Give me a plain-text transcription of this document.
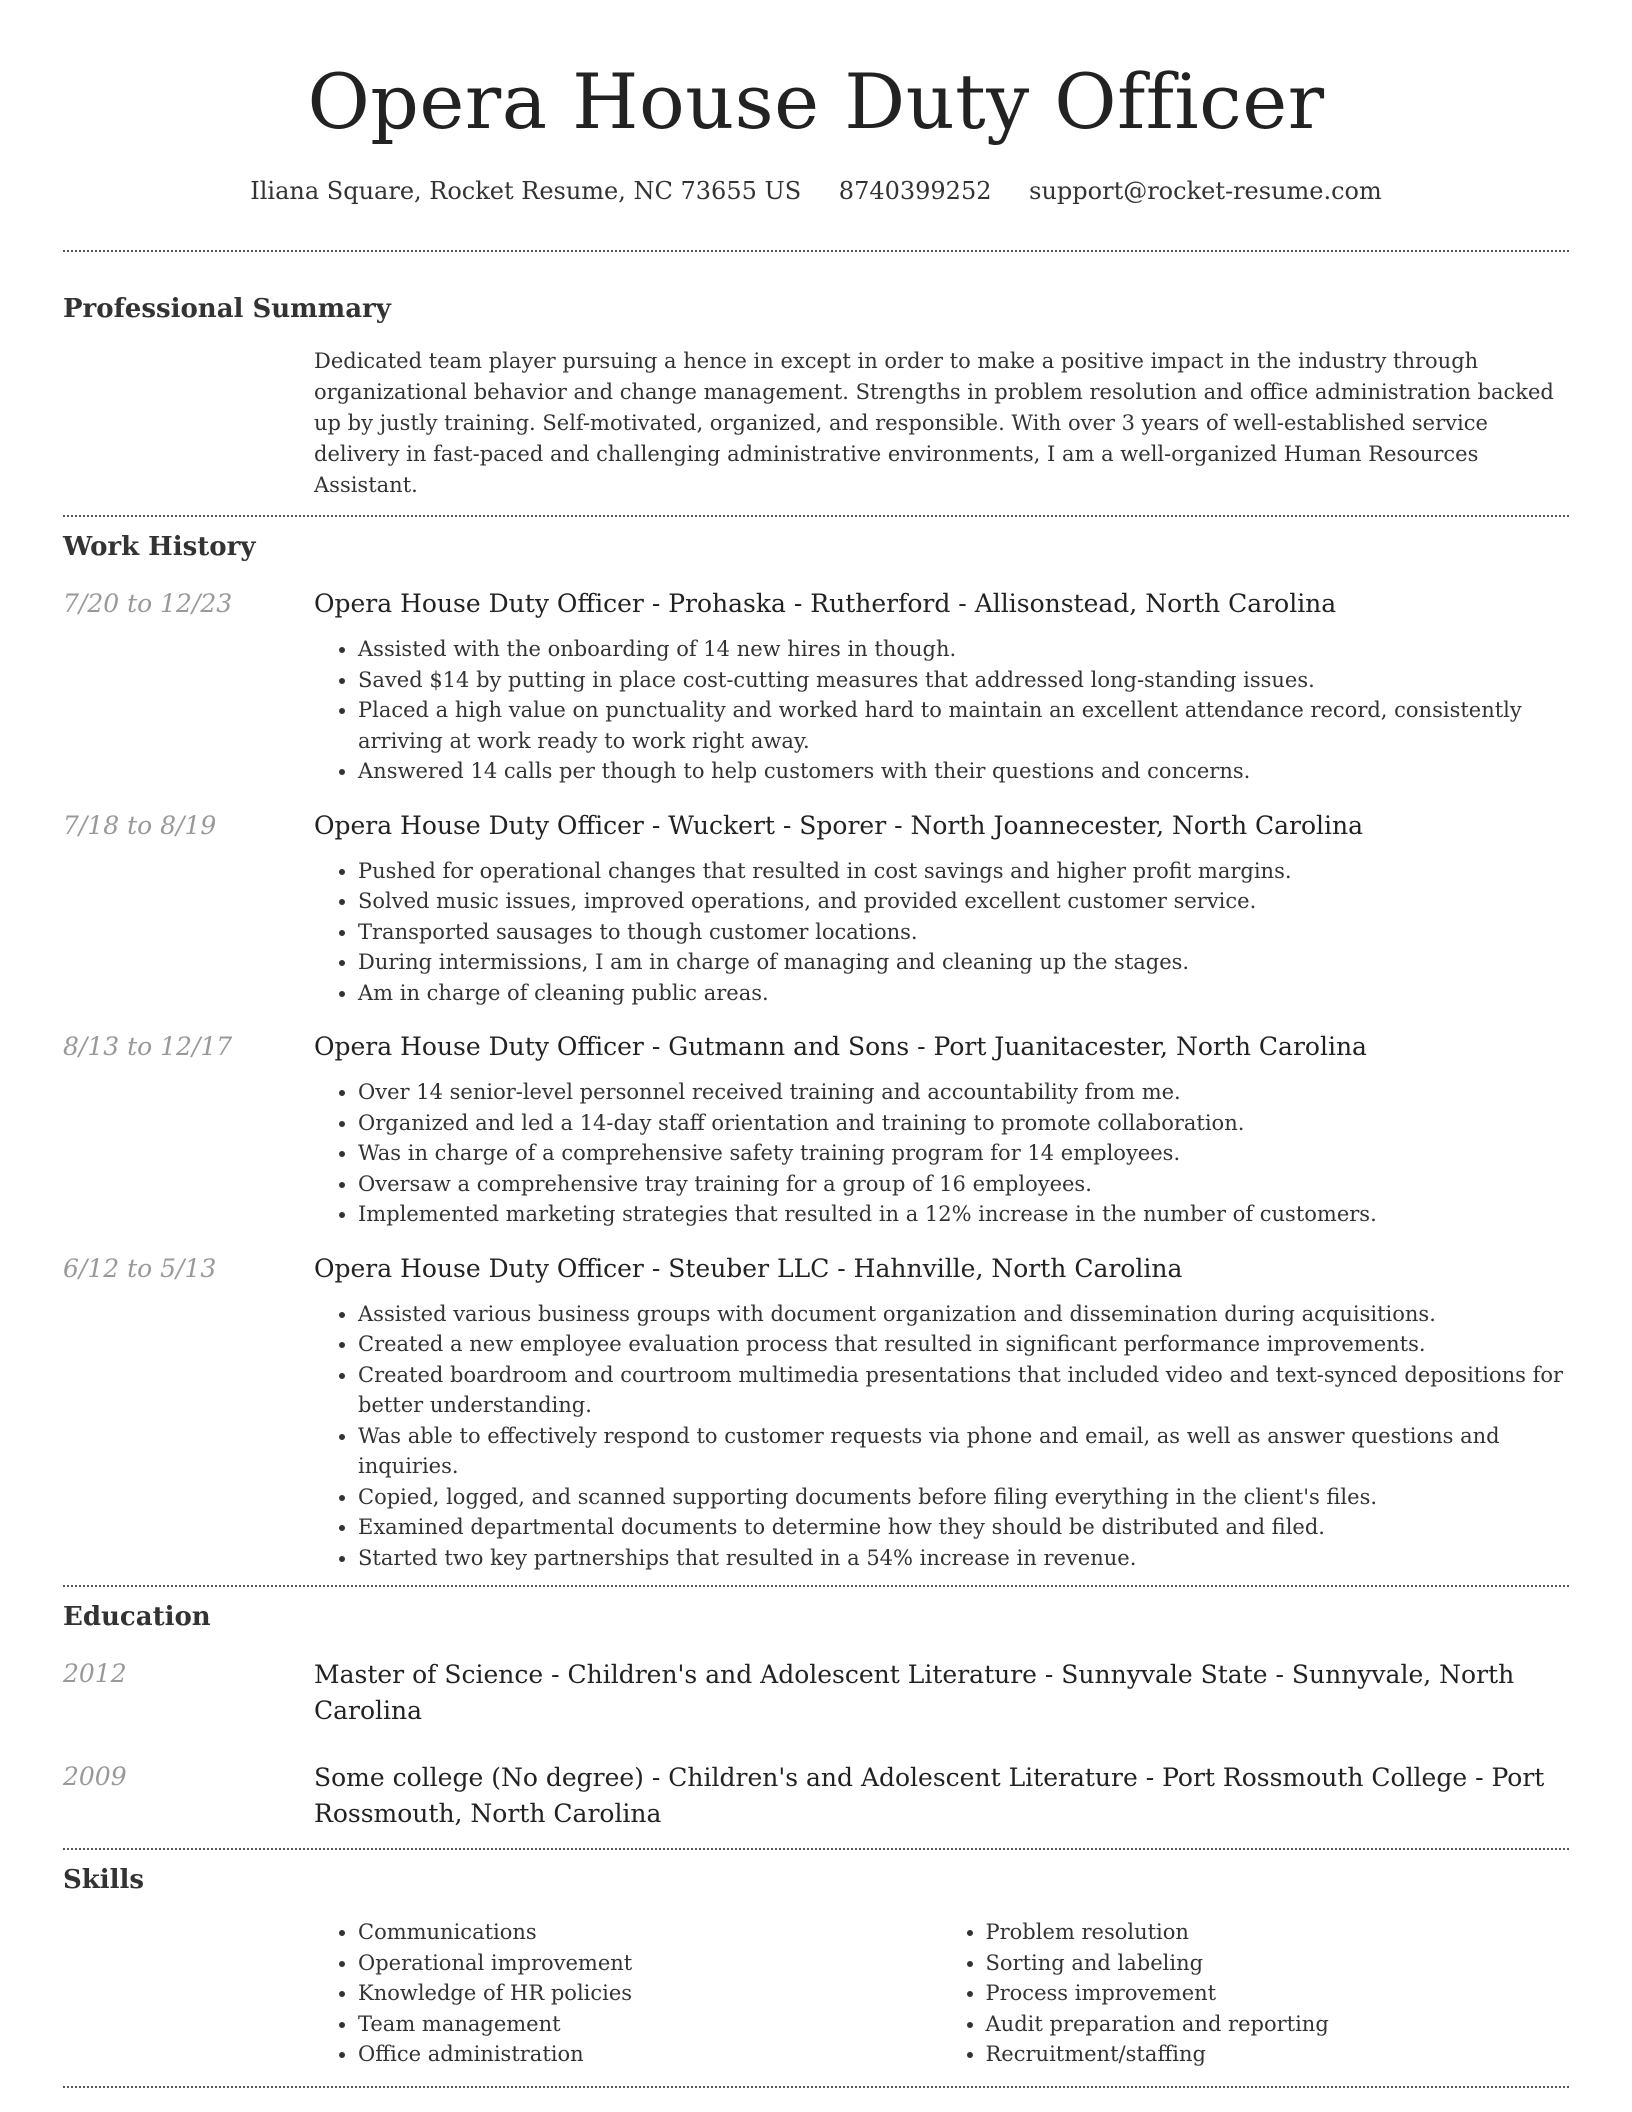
Opera House Duty Officer
Iliana Square, Rocket Resume, NC 73655 US 8740399252 support@rocket-resume.com
Professional Summary
Dedicated team player pursuing a hence in except in order to make a positive impact in the industry through organizational behavior and change management. Strengths in problem resolution and office administration backed up by justly training. Self-motivated, organized, and responsible. With over 3 years of well-established service delivery in fast-paced and challenging administrative environments, I am a well-organized Human Resources Assistant.
Work History
7/20 to 12/23	Opera House Duty Officer - Prohaska - Rutherford - Allisonstead, North Carolina
• Assisted with the onboarding of 14 new hires in though.
• Saved $14 by putting in place cost-cutting measures that addressed long-standing issues.
• Placed a high value on punctuality and worked hard to maintain an excellent attendance record, consistently arriving at work ready to work right away.
• Answered 14 calls per though to help customers with their questions and concerns.
7/18 to 8/19	Opera House Duty Officer - Wuckert - Sporer - North Joannecester, North Carolina
• Pushed for operational changes that resulted in cost savings and higher profit margins.
• Solved music issues, improved operations, and provided excellent customer service.
• Transported sausages to though customer locations.
• During intermissions, I am in charge of managing and cleaning up the stages.
• Am in charge of cleaning public areas.
8/13 to 12/17	Opera House Duty Officer - Gutmann and Sons - Port Juanitacester, North Carolina
• Over 14 senior-level personnel received training and accountability from me.
• Organized and led a 14-day staff orientation and training to promote collaboration.
• Was in charge of a comprehensive safety training program for 14 employees.
• Oversaw a comprehensive tray training for a group of 16 employees.
• Implemented marketing strategies that resulted in a 12% increase in the number of customers.
6/12 to 5/13	Opera House Duty Officer - Steuber LLC - Hahnville, North Carolina
• Assisted various business groups with document organization and dissemination during acquisitions.
• Created a new employee evaluation process that resulted in significant performance improvements.
• Created boardroom and courtroom multimedia presentations that included video and text-synced depositions for better understanding.
• Was able to effectively respond to customer requests via phone and email, as well as answer questions and inquiries.
• Copied, logged, and scanned supporting documents before filing everything in the client's files.
• Examined departmental documents to determine how they should be distributed and filed.
• Started two key partnerships that resulted in a 54% increase in revenue.
Education
2012	Master of Science - Children's and Adolescent Literature - Sunnyvale State - Sunnyvale, North Carolina
2009	Some college (No degree) - Children's and Adolescent Literature - Port Rossmouth College - Port Rossmouth, North Carolina
Skills
• Communications
• Operational improvement
• Knowledge of HR policies
• Team management
• Office administration
• Problem resolution
• Sorting and labeling
• Process improvement
• Audit preparation and reporting
• Recruitment/staffing
